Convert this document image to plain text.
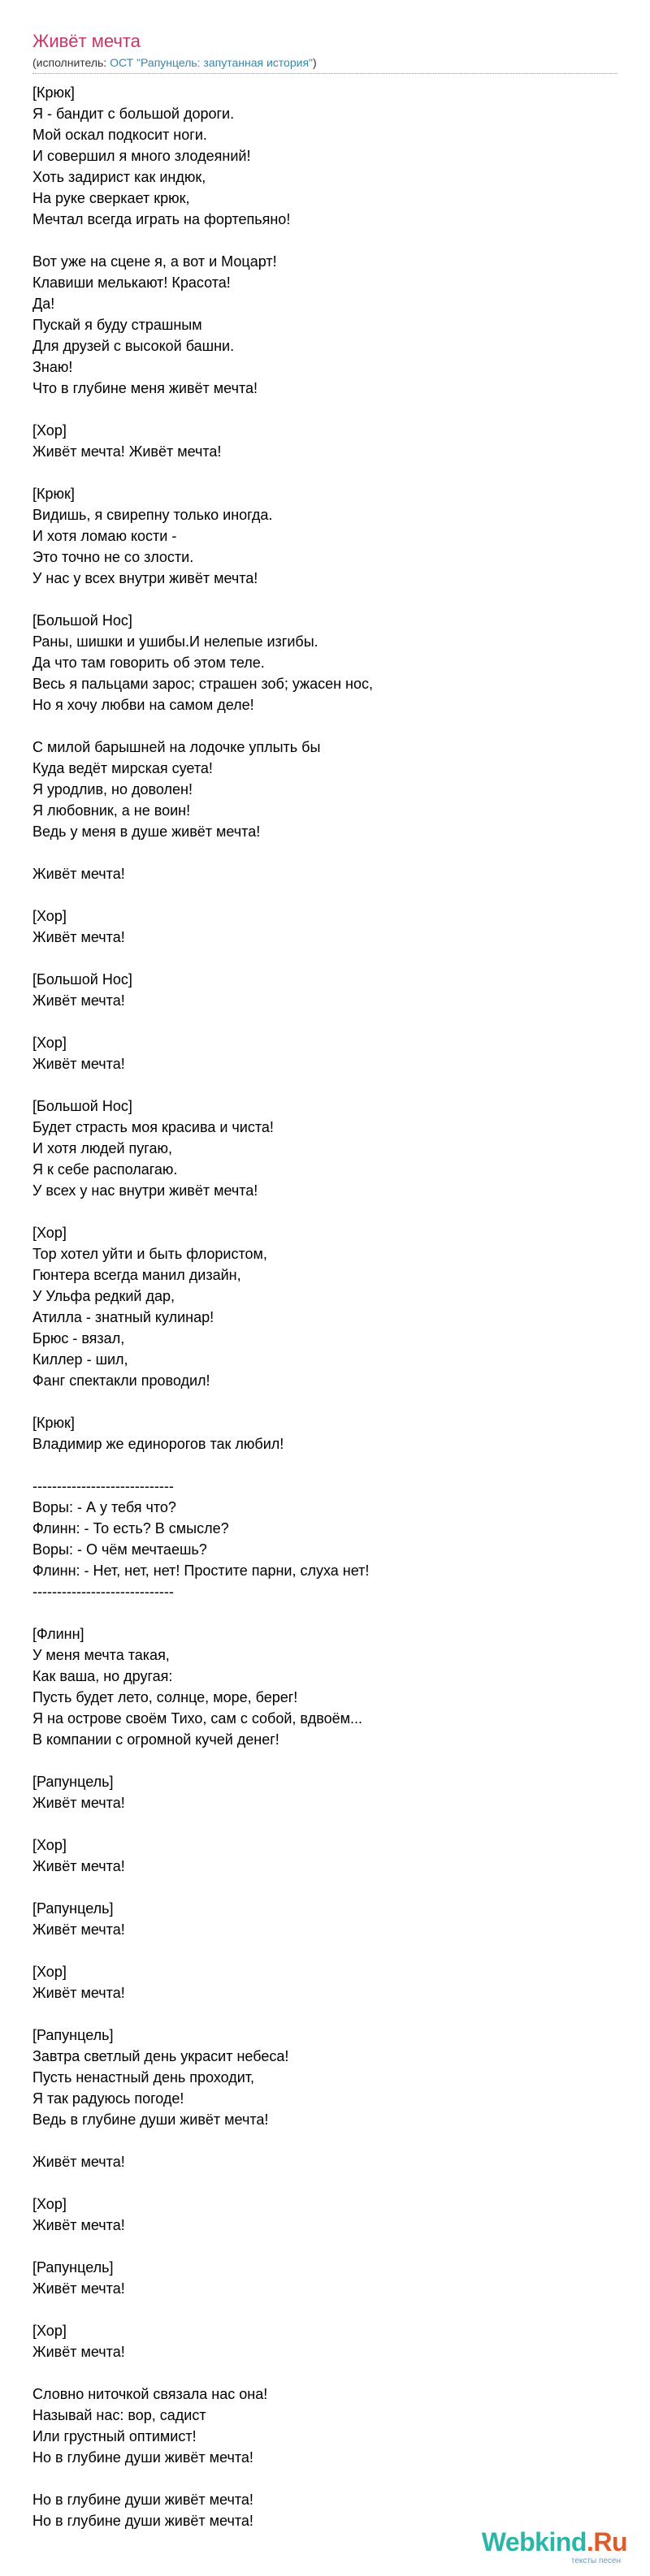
Живёт мечта
(исполнитель: ОСТ "Рапунцель: запутанная история")
[Крюк]
Я - бандит с большой дороги.
Мой оскал подкосит ноги.
И совершил я много злодеяний!
Хоть задирист как индюк,
На руке сверкает крюк,
Мечтал всегда играть на фортепьяно!

Вот уже на сцене я, а вот и Моцарт!
Клавиши мелькают! Красота!
Да!
Пускай я буду страшным
Для друзей с высокой башни.
Знаю!
Что в глубине меня живёт мечта!

[Хор]
Живёт мечта! Живёт мечта!

[Крюк]
Видишь, я свирепну только иногда.
И хотя ломаю кости -
Это точно не со злости.
У нас у всех внутри живёт мечта!

[Большой Нос]
Раны, шишки и ушибы.И нелепые изгибы.
Да что там говорить об этом теле.
Весь я пальцами зарос; страшен зоб; ужасен нос,
Но я хочу любви на самом деле!

С милой барышней на лодочке уплыть бы
Куда ведёт мирская суета!
Я уродлив, но доволен!
Я любовник, а не воин!
Ведь у меня в душе живёт мечта!

Живёт мечта!

[Хор]
Живёт мечта!

[Большой Нос]
Живёт мечта!

[Хор]
Живёт мечта!

[Большой Нос]
Будет страсть моя красива и чиста!
И хотя людей пугаю,
Я к себе располагаю.
У всех у нас внутри живёт мечта!

[Хор]
Тор хотел уйти и быть флористом,
Гюнтера всегда манил дизайн,
У Ульфа редкий дар,
Атилла - знатный кулинар!
Брюс - вязал,
Киллер - шил,
Фанг спектакли проводил!

[Крюк]
Владимир же единорогов так любил!

-----------------------------
Воры: - А у тебя что?
Флинн: - То есть? В смысле?
Воры: - О чём мечтаешь?
Флинн: - Нет, нет, нет! Простите парни, слуха нет!
-----------------------------

[Флинн]
У меня мечта такая,
Как ваша, но другая:
Пусть будет лето, солнце, море, берег!
Я на острове своём Тихо, сам с собой, вдвоём...
В компании с огромной кучей денег!

[Рапунцель]
Живёт мечта!

[Хор]
Живёт мечта!

[Рапунцель]
Живёт мечта!

[Хор]
Живёт мечта!

[Рапунцель]
Завтра светлый день украсит небеса!
Пусть ненастный день проходит,
Я так радуюсь погоде!
Ведь в глубине души живёт мечта!

Живёт мечта!

[Хор]
Живёт мечта!

[Рапунцель]
Живёт мечта!

[Хор]
Живёт мечта!

Словно ниточкой связала нас она!
Называй нас: вор, садист
Или грустный оптимист!
Но в глубине души живёт мечта!

Но в глубине души живёт мечта!
Но в глубине души живёт мечта!
Webkind.Ru
тексты песен
